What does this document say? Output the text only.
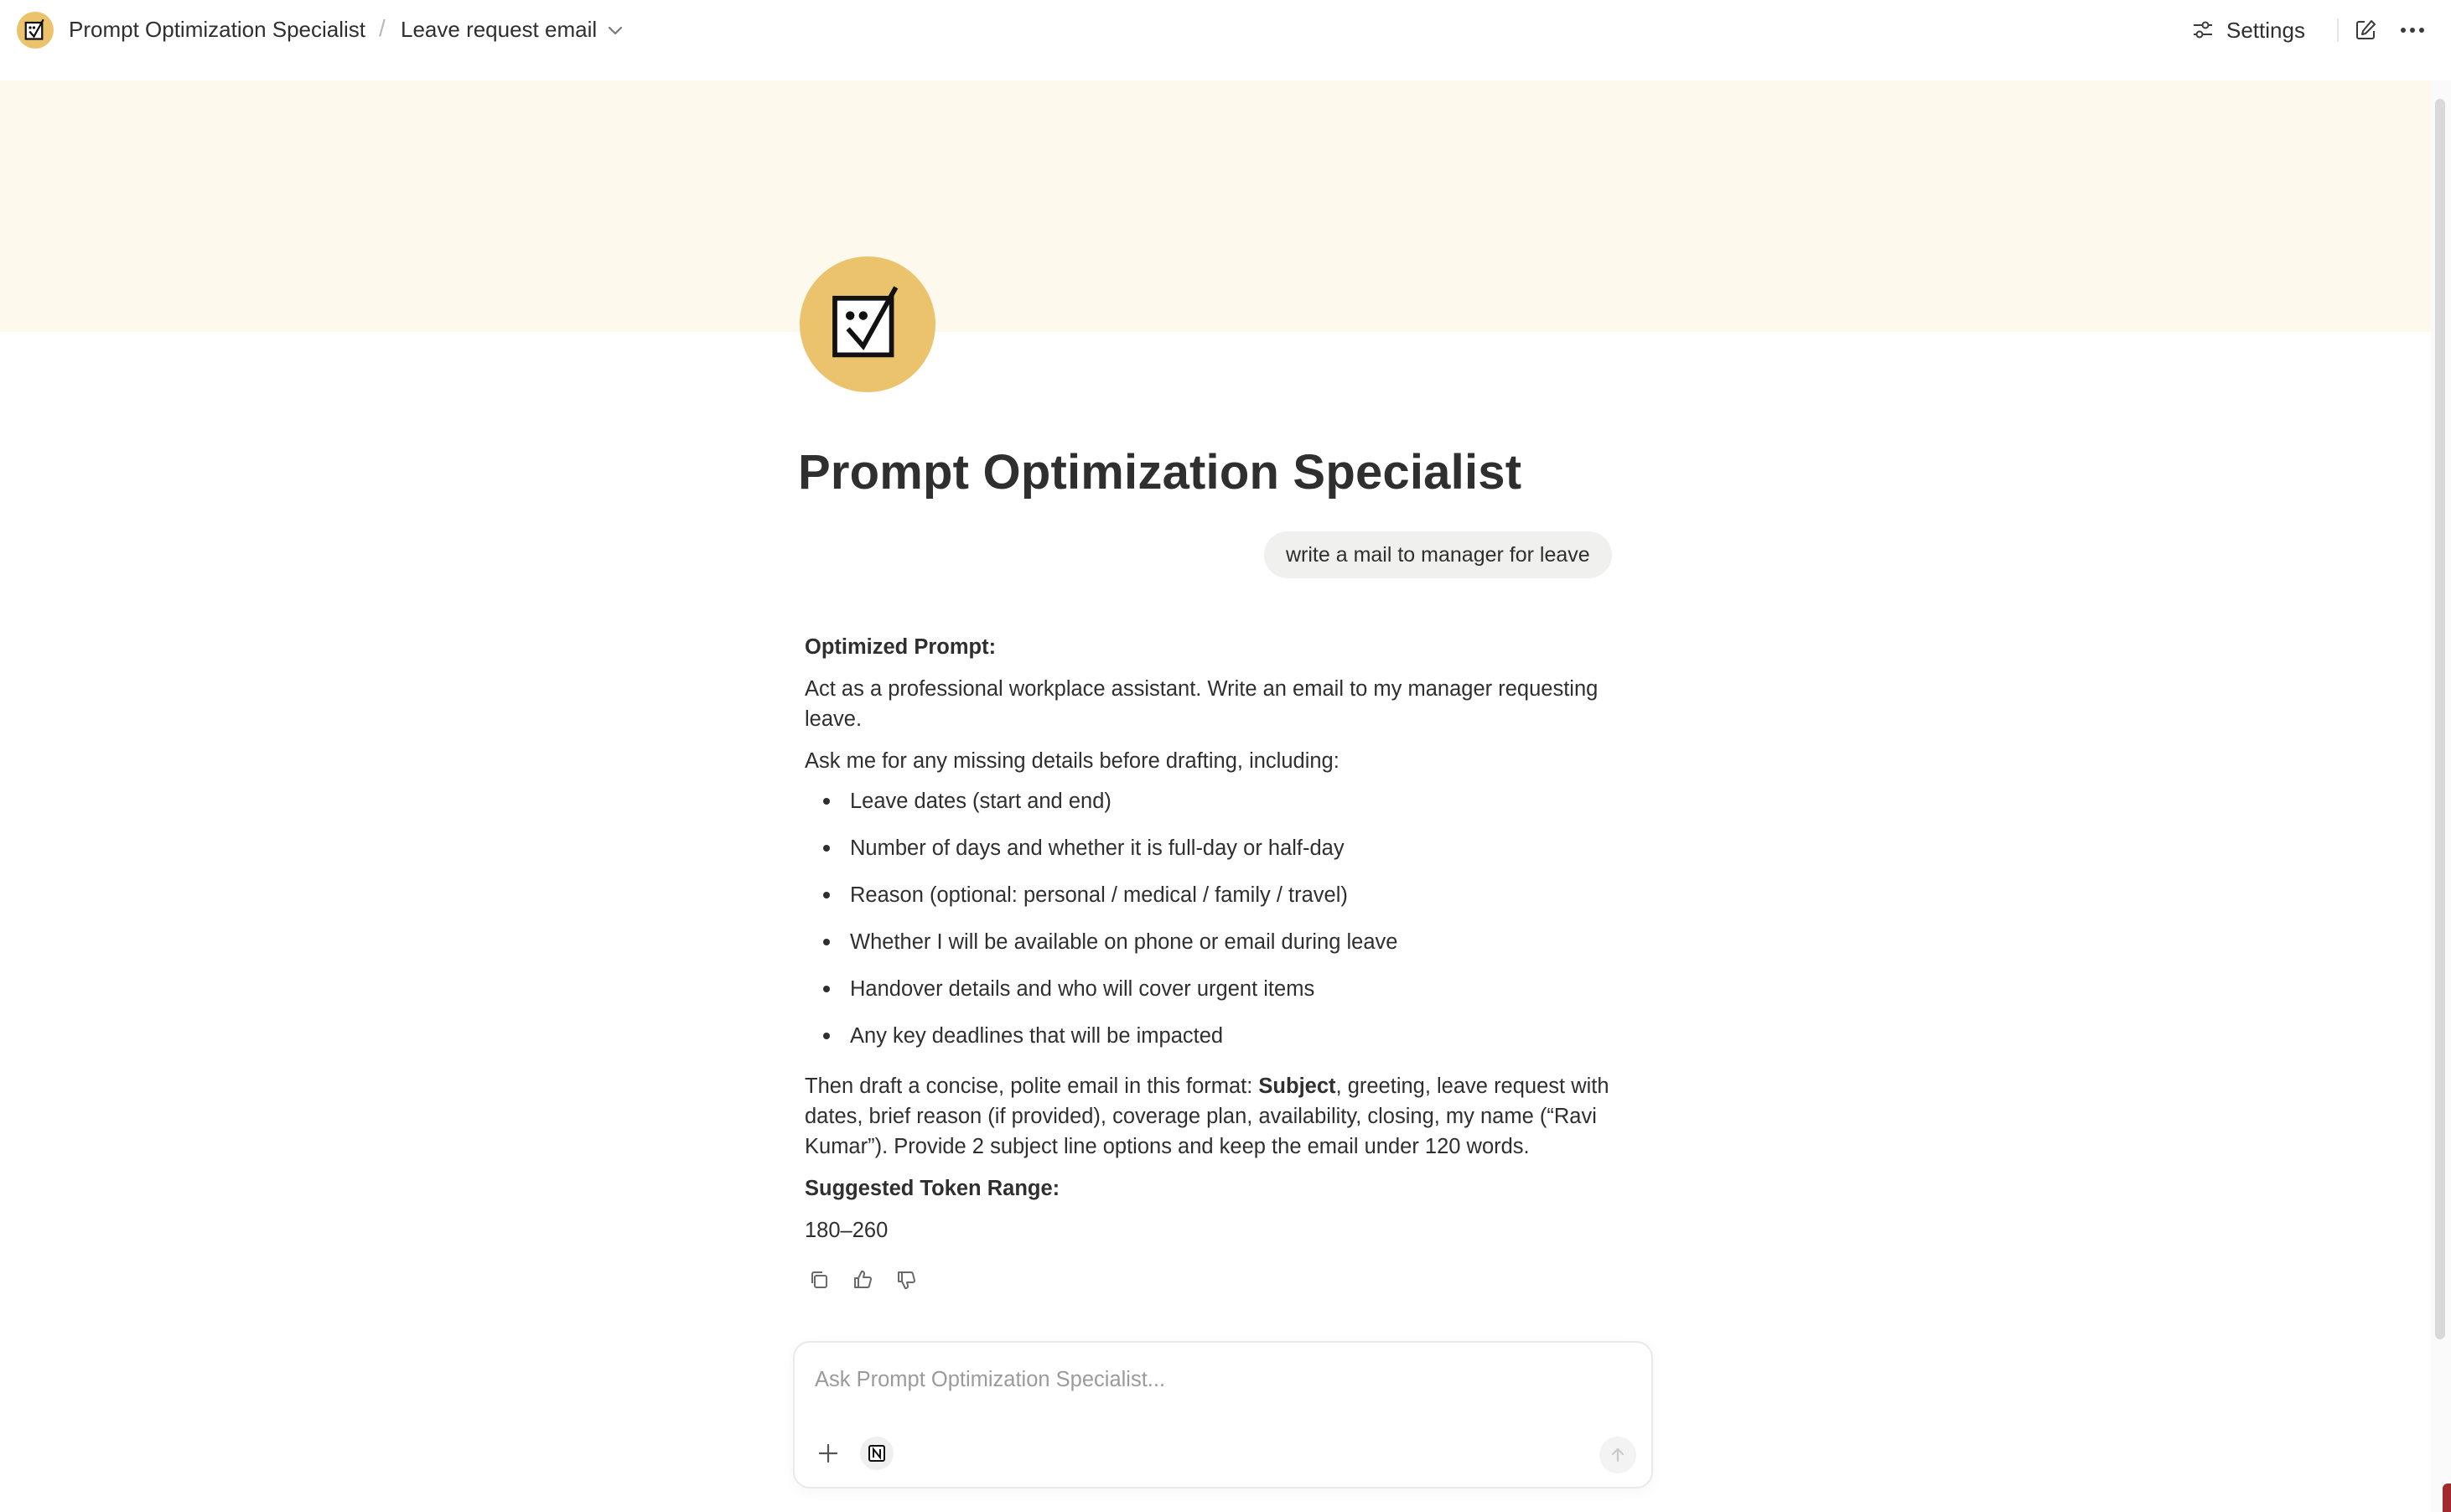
Prompt Optimization Specialist / Leave request email	Settings
Prompt Optimization Specialist
write a mail to manager for leave

Optimized Prompt:

Act as a professional workplace assistant. Write an email to my manager requesting leave.

Ask me for any missing details before drafting, including:

Leave dates (start and end)
Number of days and whether it is full-day or half-day
Reason (optional: personal / medical / family / travel)
Whether I will be available on phone or email during leave
Handover details and who will cover urgent items
Any key deadlines that will be impacted

Then draft a concise, polite email in this format: Subject, greeting, leave request with dates, brief reason (if provided), coverage plan, availability, closing, my name (“Ravi Kumar”). Provide 2 subject line options and keep the email under 120 words.

Suggested Token Range:

180–260

Ask Prompt Optimization Specialist...
